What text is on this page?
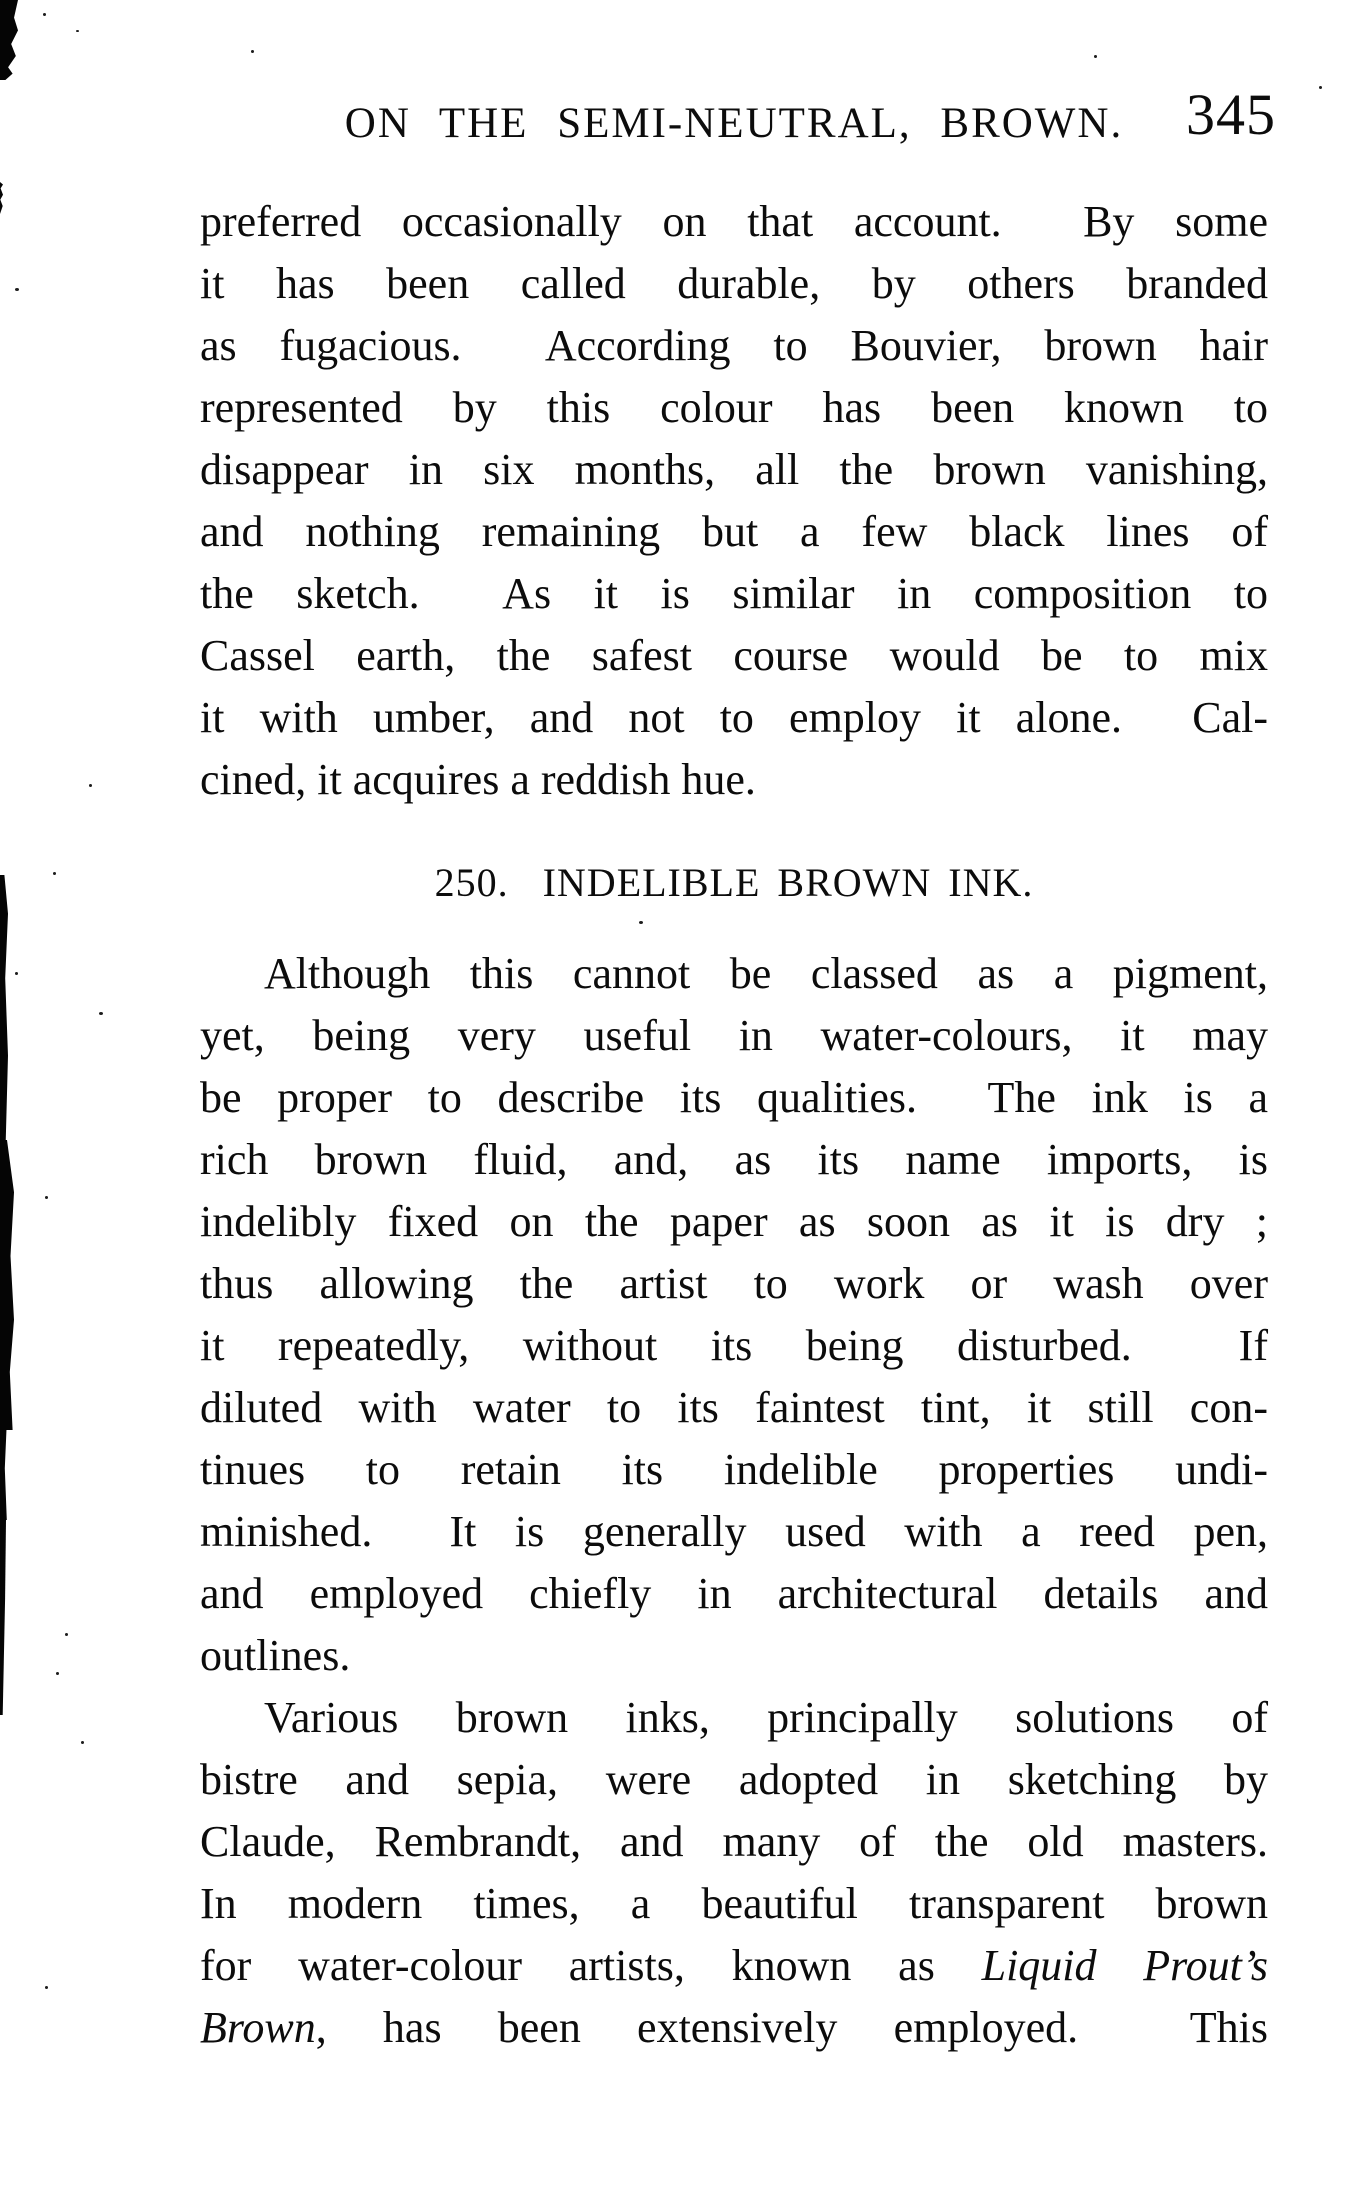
ON THE SEMI-NEUTRAL, BROWN.	345
preferred occasionally on that account.  By some
it has been called durable, by others branded
as fugacious.  According to Bouvier, brown hair
represented by this colour has been known to
disappear in six months, all the brown vanishing,
and nothing remaining but a few black lines of
the sketch.  As it is similar in composition to
Cassel earth, the safest course would be to mix
it with umber, and not to employ it alone.  Cal-
cined, it acquires a reddish hue.
250.  INDELIBLE BROWN INK.
Although this cannot be classed as a pigment,
yet, being very useful in water-colours, it may
be proper to describe its qualities.  The ink is a
rich brown fluid, and, as its name imports, is
indelibly fixed on the paper as soon as it is dry ;
thus allowing the artist to work or wash over
it repeatedly, without its being disturbed.  If
diluted with water to its faintest tint, it still con-
tinues to retain its indelible properties undi-
minished.  It is generally used with a reed pen,
and employed chiefly in architectural details and
outlines.
Various brown inks, principally solutions of
bistre and sepia, were adopted in sketching by
Claude, Rembrandt, and many of the old masters.
In modern times, a beautiful transparent brown
for water-colour artists, known as Liquid Prout’s
Brown, has been extensively employed.  This
